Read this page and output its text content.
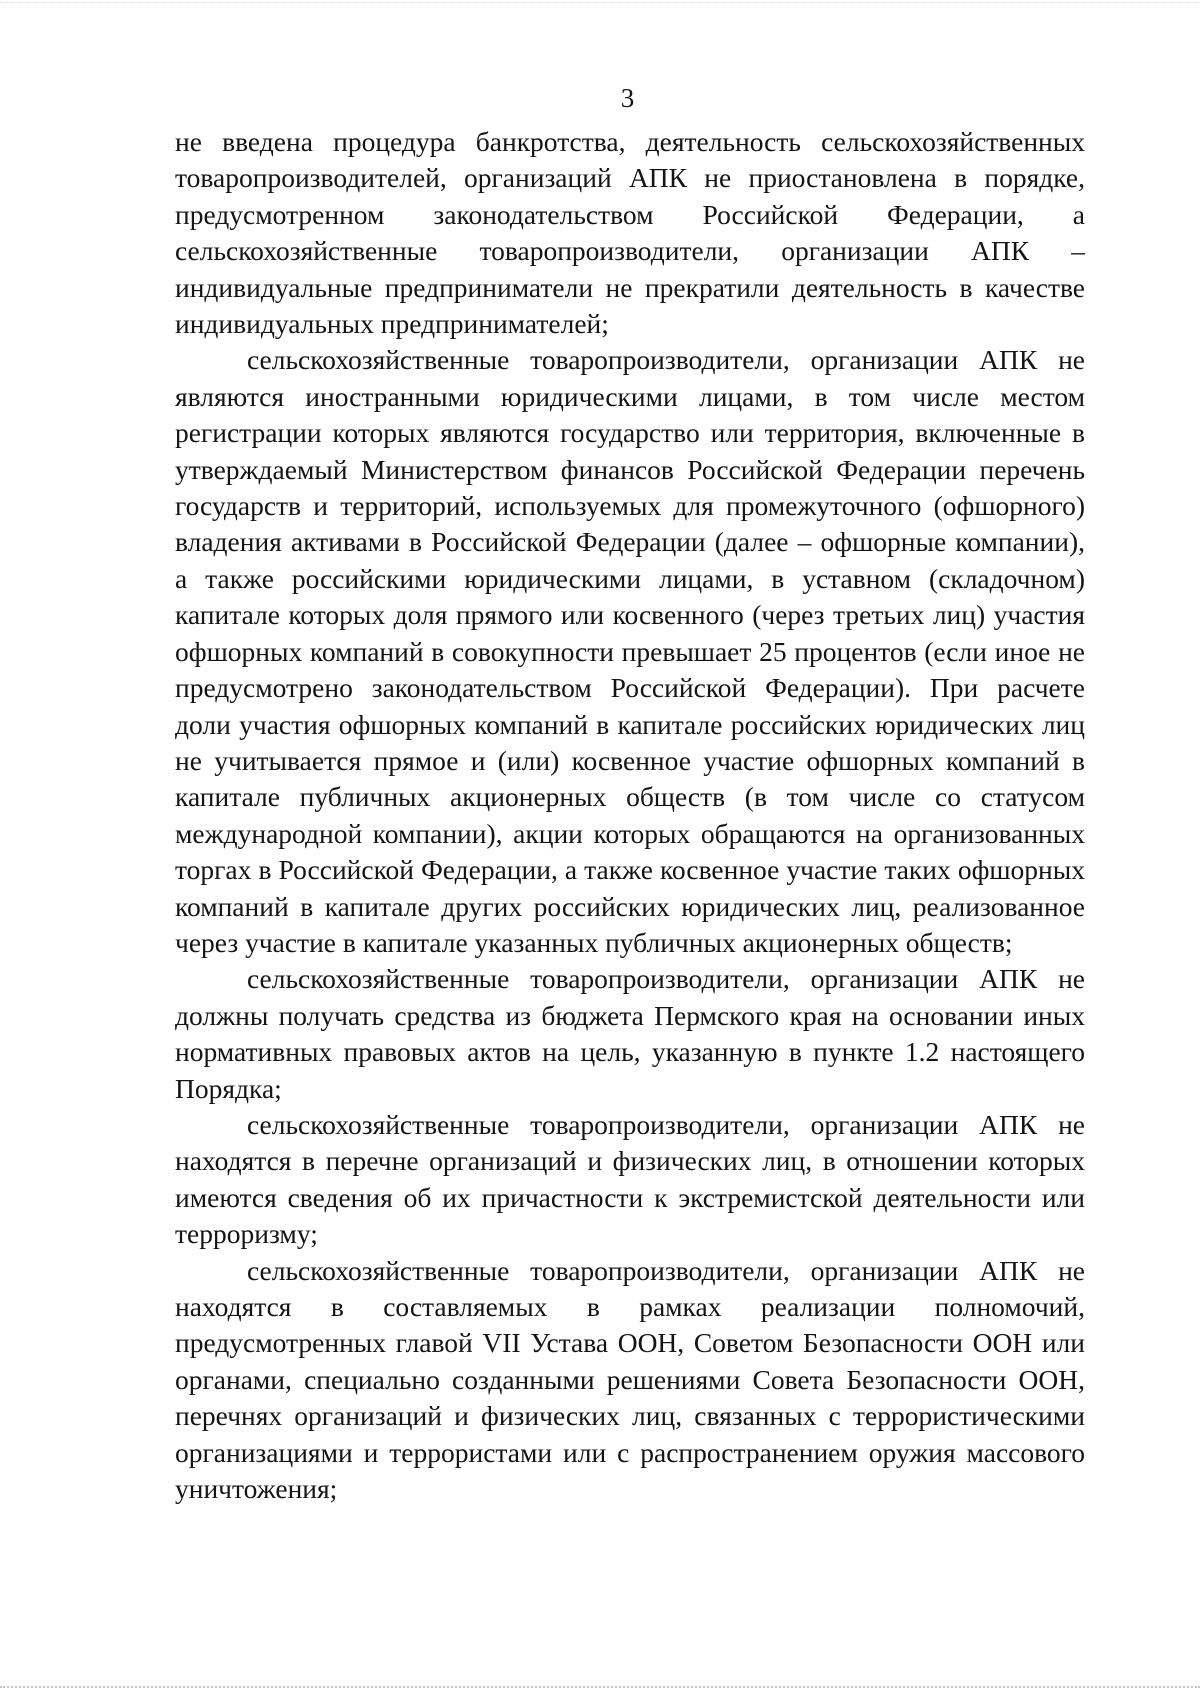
3

не введена процедура банкротства, деятельность сельскохозяйственных товаропроизводителей, организаций АПК не приостановлена в порядке, предусмотренном законодательством Российской Федерации, а сельскохозяйственные товаропроизводители, организации АПК – индивидуальные предприниматели не прекратили деятельность в качестве индивидуальных предпринимателей;

сельскохозяйственные товаропроизводители, организации АПК не являются иностранными юридическими лицами, в том числе местом регистрации которых являются государство или территория, включенные в утверждаемый Министерством финансов Российской Федерации перечень государств и территорий, используемых для промежуточного (офшорного) владения активами в Российской Федерации (далее – офшорные компании), а также российскими юридическими лицами, в уставном (складочном) капитале которых доля прямого или косвенного (через третьих лиц) участия офшорных компаний в совокупности превышает 25 процентов (если иное не предусмотрено законодательством Российской Федерации). При расчете доли участия офшорных компаний в капитале российских юридических лиц не учитывается прямое и (или) косвенное участие офшорных компаний в капитале публичных акционерных обществ (в том числе со статусом международной компании), акции которых обращаются на организованных торгах в Российской Федерации, а также косвенное участие таких офшорных компаний в капитале других российских юридических лиц, реализованное через участие в капитале указанных публичных акционерных обществ;

сельскохозяйственные товаропроизводители, организации АПК не должны получать средства из бюджета Пермского края на основании иных нормативных правовых актов на цель, указанную в пункте 1.2 настоящего Порядка;

сельскохозяйственные товаропроизводители, организации АПК не находятся в перечне организаций и физических лиц, в отношении которых имеются сведения об их причастности к экстремистской деятельности или терроризму;

сельскохозяйственные товаропроизводители, организации АПК не находятся в составляемых в рамках реализации полномочий, предусмотренных главой VII Устава ООН, Советом Безопасности ООН или органами, специально созданными решениями Совета Безопасности ООН, перечнях организаций и физических лиц, связанных с террористическими организациями и террористами или с распространением оружия массового уничтожения;
